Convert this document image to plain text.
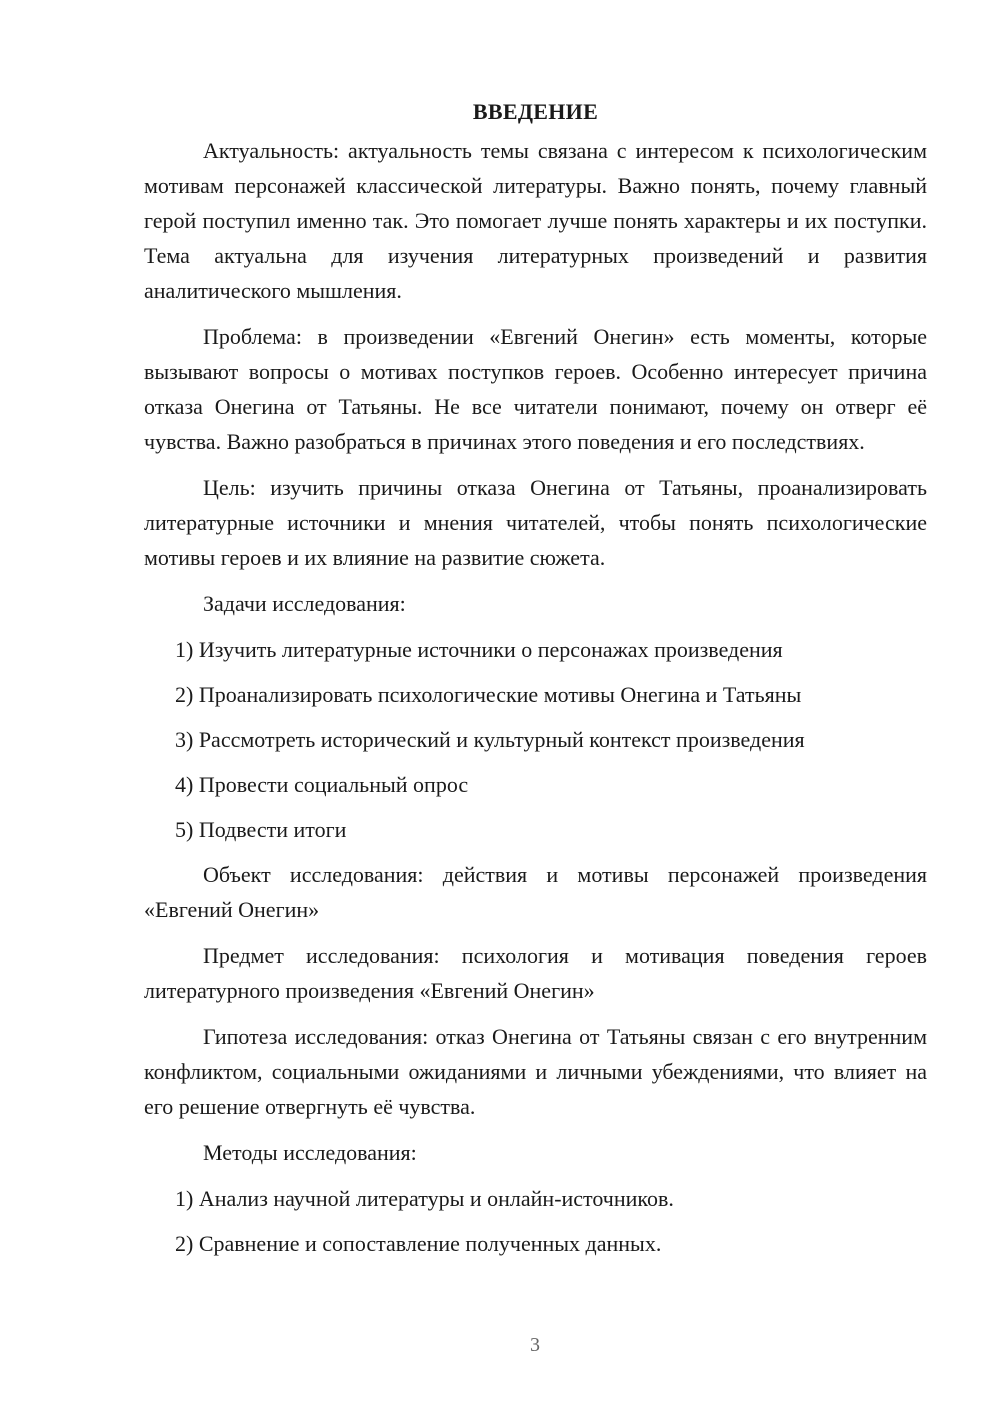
ВВЕДЕНИЕ
Актуальность: актуальность темы связана с интересом к психологическим мотивам персонажей классической литературы. Важно понять, почему главный герой поступил именно так. Это помогает лучше понять характеры и их поступки. Тема актуальна для изучения литературных произведений и развития аналитического мышления.
Проблема: в произведении «Евгений Онегин» есть моменты, которые вызывают вопросы о мотивах поступков героев. Особенно интересует причина отказа Онегина от Татьяны. Не все читатели понимают, почему он отверг её чувства. Важно разобраться в причинах этого поведения и его последствиях.
Цель: изучить причины отказа Онегина от Татьяны, проанализировать литературные источники и мнения читателей, чтобы понять психологические мотивы героев и их влияние на развитие сюжета.
Задачи исследования:
1) Изучить литературные источники о персонажах произведения
2) Проанализировать психологические мотивы Онегина и Татьяны
3) Рассмотреть исторический и культурный контекст произведения
4) Провести социальный опрос
5) Подвести итоги
Объект исследования: действия и мотивы персонажей произведения «Евгений Онегин»
Предмет исследования: психология и мотивация поведения героев литературного произведения «Евгений Онегин»
Гипотеза исследования: отказ Онегина от Татьяны связан с его внутренним конфликтом, социальными ожиданиями и личными убеждениями, что влияет на его решение отвергнуть её чувства.
Методы исследования:
1) Анализ научной литературы и онлайн-источников.
2) Сравнение и сопоставление полученных данных.
3
